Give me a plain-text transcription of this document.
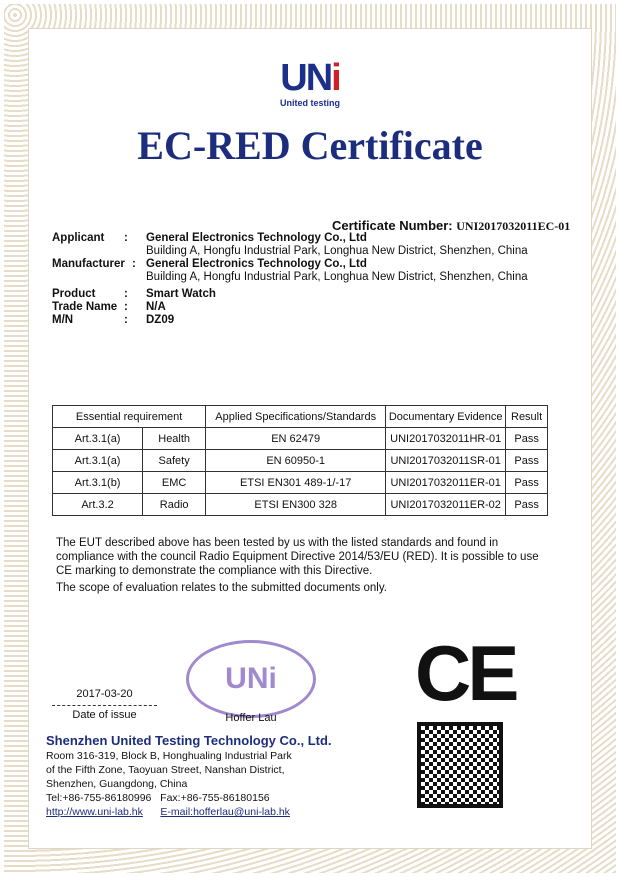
UNi
United testing
EC-RED Certificate
Certificate Number: UNI2017032011EC-01
Applicant	:	General Electronics Technology Co., Ltd
Building A, Hongfu Industrial Park, Longhua New District, Shenzhen, China
Manufacturer : General Electronics Technology Co., Ltd
Building A, Hongfu Industrial Park, Longhua New District, Shenzhen, China
Product	:	Smart Watch
Trade Name :	N/A
M/N	:	DZ09
Essential requirement		Applied Specifications/Standards	Documentary Evidence	Result
Art.3.1(a)	Health	EN 62479	UNI2017032011HR-01	Pass
Art.3.1(a)	Safety	EN 60950-1	UNI2017032011SR-01	Pass
Art.3.1(b)	EMC	ETSI EN301 489-1/-17	UNI2017032011ER-01	Pass
Art.3.2	Radio	ETSI EN300 328	UNI2017032011ER-02	Pass

The EUT described above has been tested by us with the listed standards and found in compliance with the council Radio Equipment Directive 2014/53/EU (RED). It is possible to use CE marking to demonstrate the compliance with this Directive.

The scope of evaluation relates to the submitted documents only.

CE
2017-03-20
Date of issue
UNi
Hoffer Lau
Shenzhen United Testing Technology Co., Ltd.
Room 316-319, Block B, Honghualing Industrial Park
of the Fifth Zone, Taoyuan Street, Nanshan District,
Shenzhen, Guangdong, China
Tel:+86-755-86180996 Fax:+86-755-86180156
http://www.uni-lab.hk E-mail:hofferlau@uni-lab.hk
